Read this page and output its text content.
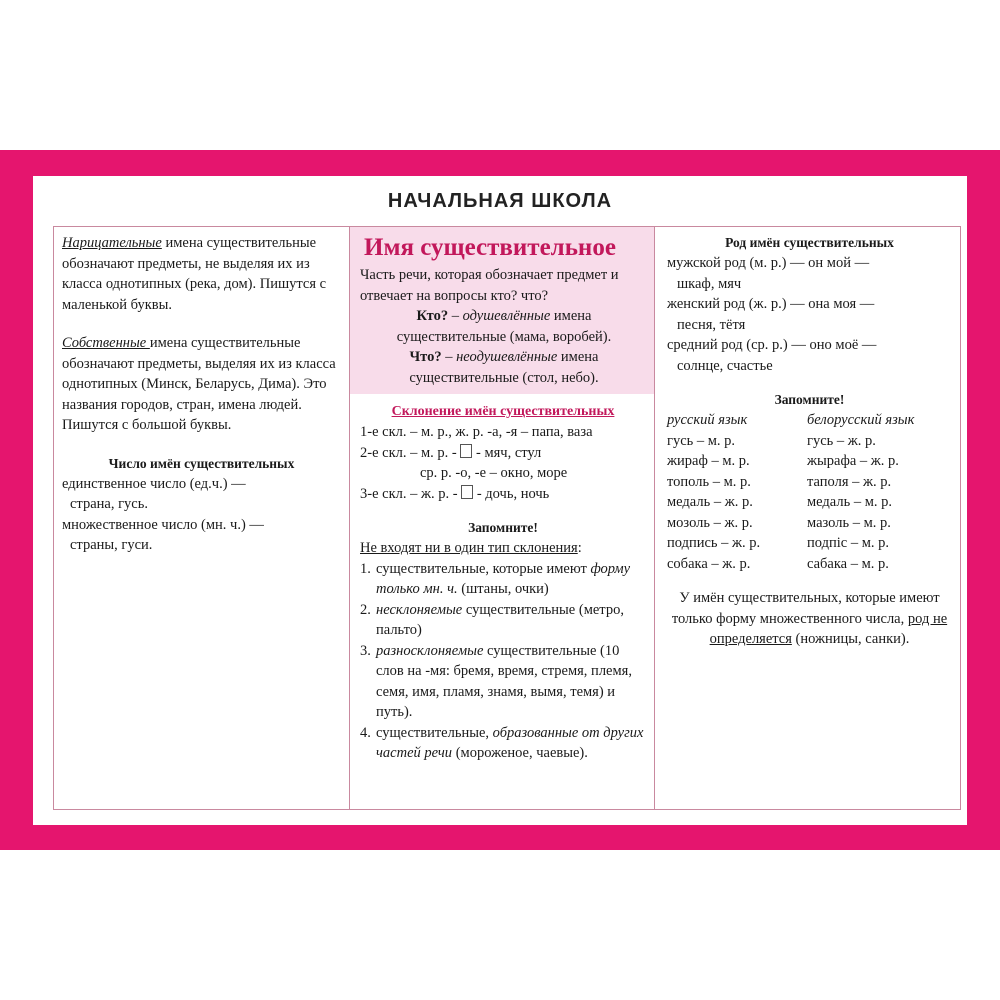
НАЧАЛЬНАЯ ШКОЛА

Нарицательные имена существительные обозначают предметы, не выделяя их из класса однотипных (река, дом). Пишутся с маленькой буквы.

Собственные имена существительные обозначают предметы, выделяя их из класса однотипных (Минск, Беларусь, Дима). Это названия городов, стран, имена людей. Пишутся с большой буквы.

Число имён существительных

единственное число (ед.ч.) —

страна, гусь.

множественное число (мн. ч.) —

страны, гуси.

Имя существительное

Часть речи, которая обозначает предмет и отвечает на вопросы кто? что?

Кто? – одушевлённые имена существительные (мама, воробей).

Что? – неодушевлённые имена существительные (стол, небо).

Склонение имён существительных

1-е скл. – м. р., ж. р. -а, -я – папа, ваза

2-е скл. – м. р. -  - мяч, стул

ср. р. -о, -е – окно, море

3-е скл. – ж. р. -  - дочь, ночь

Запомните!

Не входят ни в один тип склонения:

1. существительные, которые имеют форму только мн. ч. (штаны, очки)
2. несклоняемые существительные (метро, пальто)
3. разносклоняемые существительные (10 слов на -мя: бремя, время, стремя, племя, семя, имя, пламя, знамя, вымя, темя) и путь).
4. существительные, образованные от других частей речи (мороженое, чаевые).

Род имён существительных

мужской род (м. р.) — он мой —

шкаф, мяч

женский род (ж. р.) — она моя —

песня, тётя

средний род (ср. р.) — оно моё —

солнце, счастье

Запомните!

русский язык	белорусский язык
гусь – м. р.	гусь – ж. р.
жираф – м. р.	жырафа – ж. р.
тополь – м. р.	таполя – ж. р.
медаль – ж. р.	медаль – м. р.
мозоль – ж. р.	мазоль – м. р.
подпись – ж. р.	подпіс – м. р.
собака – ж. р.	сабака – м. р.

У имён существительных, которые имеют только форму множественного числа, род не определяется (ножницы, санки).
